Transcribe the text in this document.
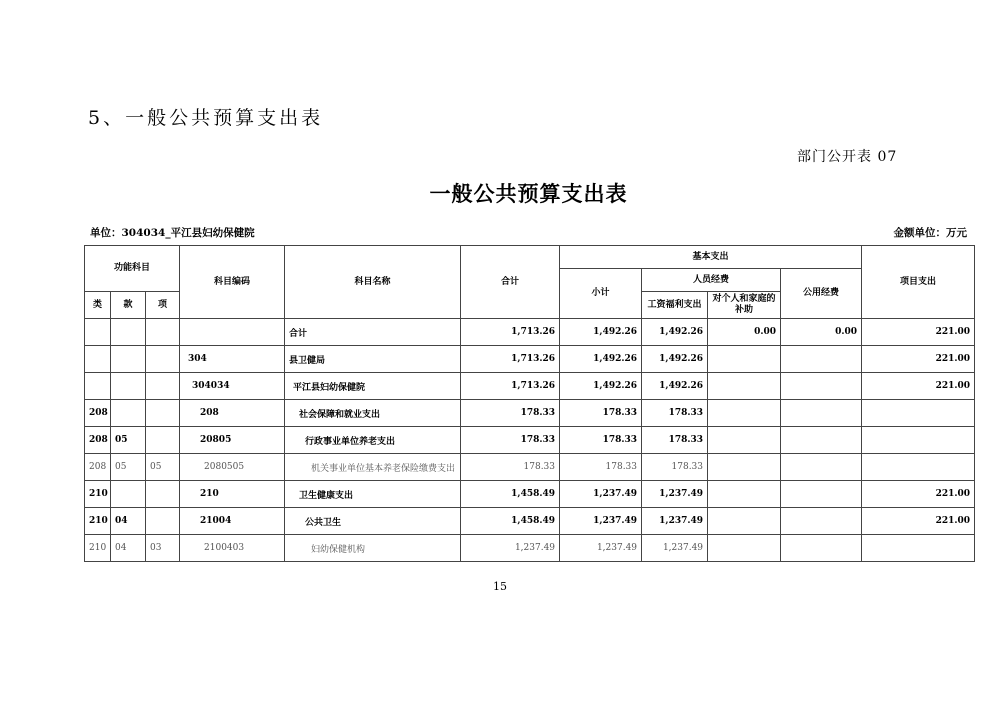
5、一般公共预算支出表
部门公开表 07
一般公共预算支出表
单位：304034_平江县妇幼保健院	金额单位：万元
功能科目			科目编码	科目名称	合计	基本支出				项目支出
						小计	人员经费		公用经费	
类	款	项					工资福利支出	对个人和家庭的补助		
				合计	1,713.26	1,492.26	1,492.26	0.00	0.00	221.00
			304	县卫健局	1,713.26	1,492.26	1,492.26			221.00
			304034	平江县妇幼保健院	1,713.26	1,492.26	1,492.26			221.00
208			208	社会保障和就业支出	178.33	178.33	178.33			
208	05		20805	行政事业单位养老支出	178.33	178.33	178.33			
208	05	05	2080505	机关事业单位基本养老保险缴费支出	178.33	178.33	178.33			
210			210	卫生健康支出	1,458.49	1,237.49	1,237.49			221.00
210	04		21004	公共卫生	1,458.49	1,237.49	1,237.49			221.00
210	04	03	2100403	妇幼保健机构	1,237.49	1,237.49	1,237.49			
15
